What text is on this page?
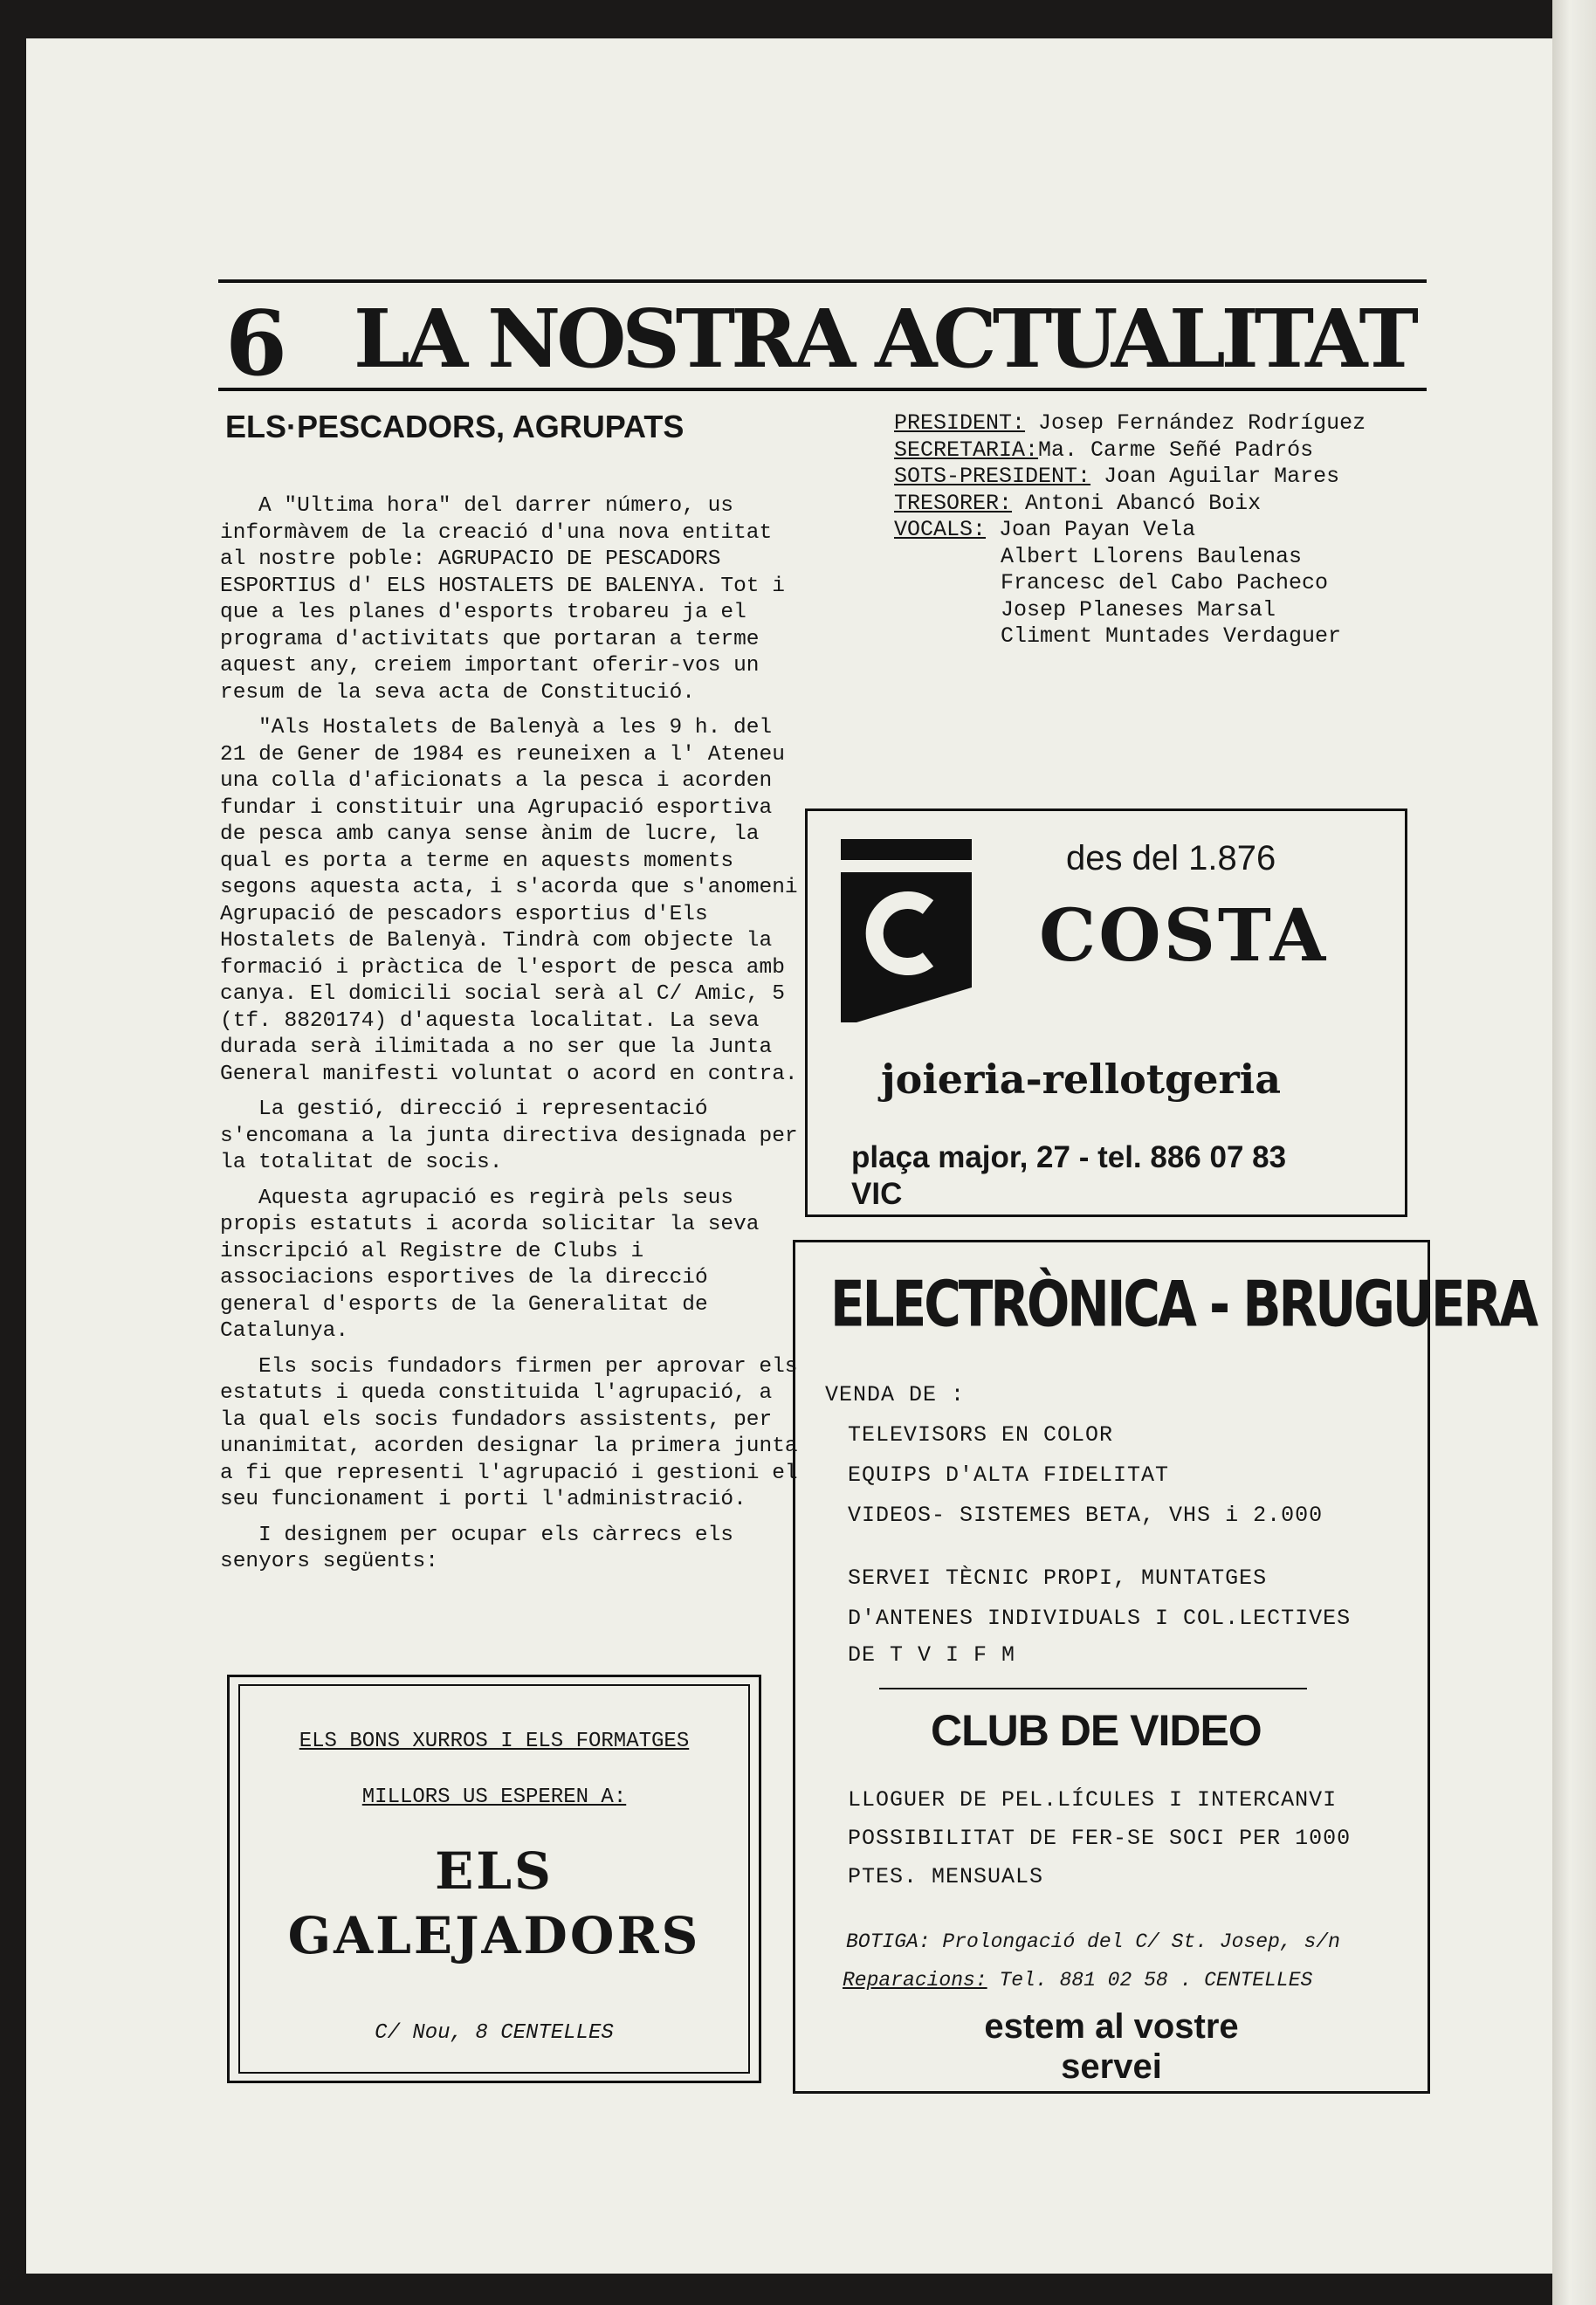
6 LA NOSTRA ACTUALITAT
ELS·PESCADORS, AGRUPATS

A "Ultima hora" del darrer número, us informàvem de la creació d'una nova entitat al nostre poble: AGRUPACIO DE PESCADORS ESPORTIUS d' ELS HOSTALETS DE BALENYA. Tot i que a les planes d'esports trobareu ja el programa d'activitats que portaran a terme aquest any, creiem important oferir-vos un resum de la seva acta de Constitució.

"Als Hostalets de Balenyà a les 9 h. del 21 de Gener de 1984 es reuneixen a l' Ateneu una colla d'aficionats a la pesca i acorden fundar i constituir una Agrupació esportiva de pesca amb canya sense ànim de lucre, la qual es porta a terme en aquests moments segons aquesta acta, i s'acorda que s'anomeni Agrupació de pescadors esportius d'Els Hostalets de Balenyà. Tindrà com objecte la formació i pràctica de l'esport de pesca amb canya. El domicili social serà al C/ Amic, 5 (tf. 8820174) d'aquesta localitat. La seva durada serà ilimitada a no ser que la Junta General manifesti voluntat o acord en contra.

La gestió, direcció i representació s'encomana a la junta directiva designada per la totalitat de socis.

Aquesta agrupació es regirà pels seus propis estatuts i acorda solicitar la seva inscripció al Registre de Clubs i associacions esportives de la direcció general d'esports de la Generalitat de Catalunya.

Els socis fundadors firmen per aprovar els estatuts i queda constituida l'agrupació, a la qual els socis fundadors assistents, per unanimitat, acorden designar la primera junta a fi que representi l'agrupació i gestioni el seu funcionament i porti l'administració.

I designem per ocupar els càrrecs els senyors següents:

PRESIDENT: Josep Fernández Rodríguez
SECRETARIA:Ma. Carme Señé Padrós
SOTS-PRESIDENT: Joan Aguilar Mares
TRESORER: Antoni Abancó Boix
VOCALS: Joan Payan Vela
Albert Llorens Baulenas
Francesc del Cabo Pacheco
Josep Planeses Marsal
Climent Muntades Verdaguer
des del 1.876
COSTA
joieria-rellotgeria
plaça major, 27 - tel. 886 07 83
VIC
ELECTRÒNICA - BRUGUERA
VENDA DE :
TELEVISORS EN COLOR
EQUIPS D'ALTA FIDELITAT
VIDEOS- SISTEMES BETA, VHS i 2.000
SERVEI TÈCNIC PROPI, MUNTATGES
D'ANTENES INDIVIDUALS I COL.LECTIVES
DE T V I F M
CLUB DE VIDEO
LLOGUER DE PEL.LÍCULES I INTERCANVI
POSSIBILITAT DE FER-SE SOCI PER 1000
PTES. MENSUALS
BOTIGA: Prolongació del C/ St. Josep, s/n
Reparacions: Tel. 881 02 58 . CENTELLES
estem al vostre
servei
ELS BONS XURROS I ELS FORMATGES
MILLORS US ESPEREN A:
ELS
GALEJADORS
C/ Nou, 8 CENTELLES
